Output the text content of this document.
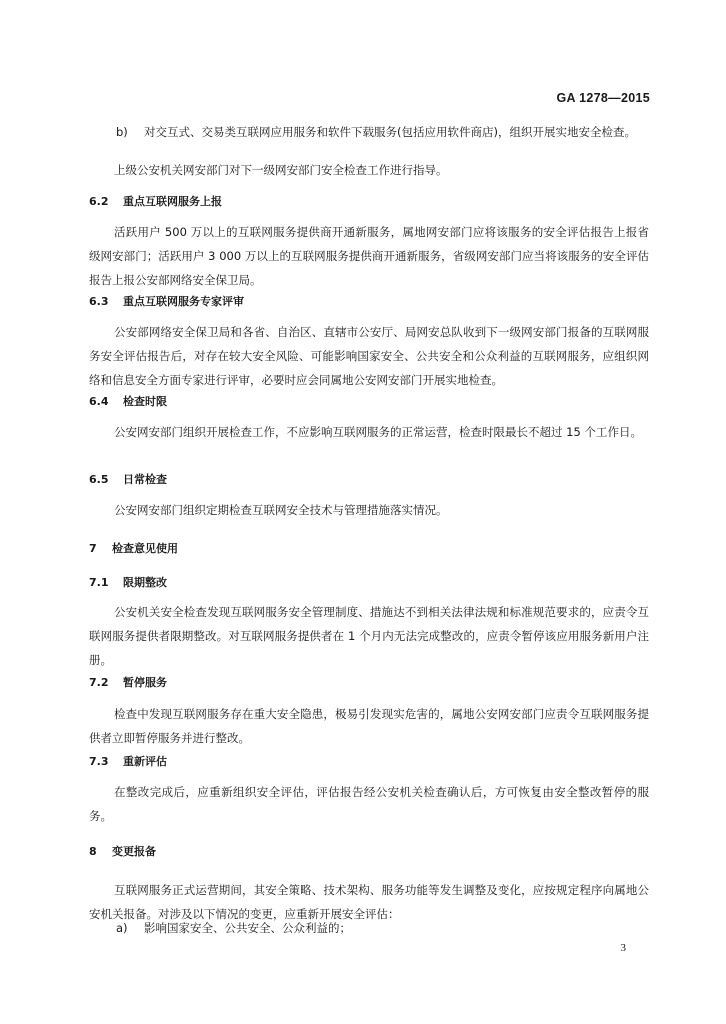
GA 1278—2015
b)	对交互式、交易类互联网应用服务和软件下载服务(包括应用软件商店)，组织开展实地安全检查。

上级公安机关网安部门对下一级网安部门安全检查工作进行指导。

6.2 重点互联网服务上报

活跃用户 500 万以上的互联网服务提供商开通新服务，属地网安部门应将该服务的安全评估报告上报省级网安部门；活跃用户 3 000 万以上的互联网服务提供商开通新服务，省级网安部门应当将该服务的安全评估报告上报公安部网络安全保卫局。

6.3 重点互联网服务专家评审

公安部网络安全保卫局和各省、自治区、直辖市公安厅、局网安总队收到下一级网安部门报备的互联网服务安全评估报告后，对存在较大安全风险、可能影响国家安全、公共安全和公众利益的互联网服务，应组织网络和信息安全方面专家进行评审，必要时应会同属地公安网安部门开展实地检查。

6.4 检查时限

公安网安部门组织开展检查工作，不应影响互联网服务的正常运营，检查时限最长不超过 15 个工作日。

6.5 日常检查

公安网安部门组织定期检查互联网安全技术与管理措施落实情况。

7 检查意见使用
7.1 限期整改

公安机关安全检查发现互联网服务安全管理制度、措施达不到相关法律法规和标准规范要求的，应责令互联网服务提供者限期整改。对互联网服务提供者在 1 个月内无法完成整改的，应责令暂停该应用服务新用户注册。

7.2 暂停服务

检查中发现互联网服务存在重大安全隐患，极易引发现实危害的，属地公安网安部门应责令互联网服务提供者立即暂停服务并进行整改。

7.3 重新评估

在整改完成后，应重新组织安全评估，评估报告经公安机关检查确认后，方可恢复由安全整改暂停的服务。

8 变更报备

互联网服务正式运营期间，其安全策略、技术架构、服务功能等发生调整及变化，应按规定程序向属地公安机关报备。对涉及以下情况的变更，应重新开展安全评估：

a)	影响国家安全、公共安全、公众利益的；
3
